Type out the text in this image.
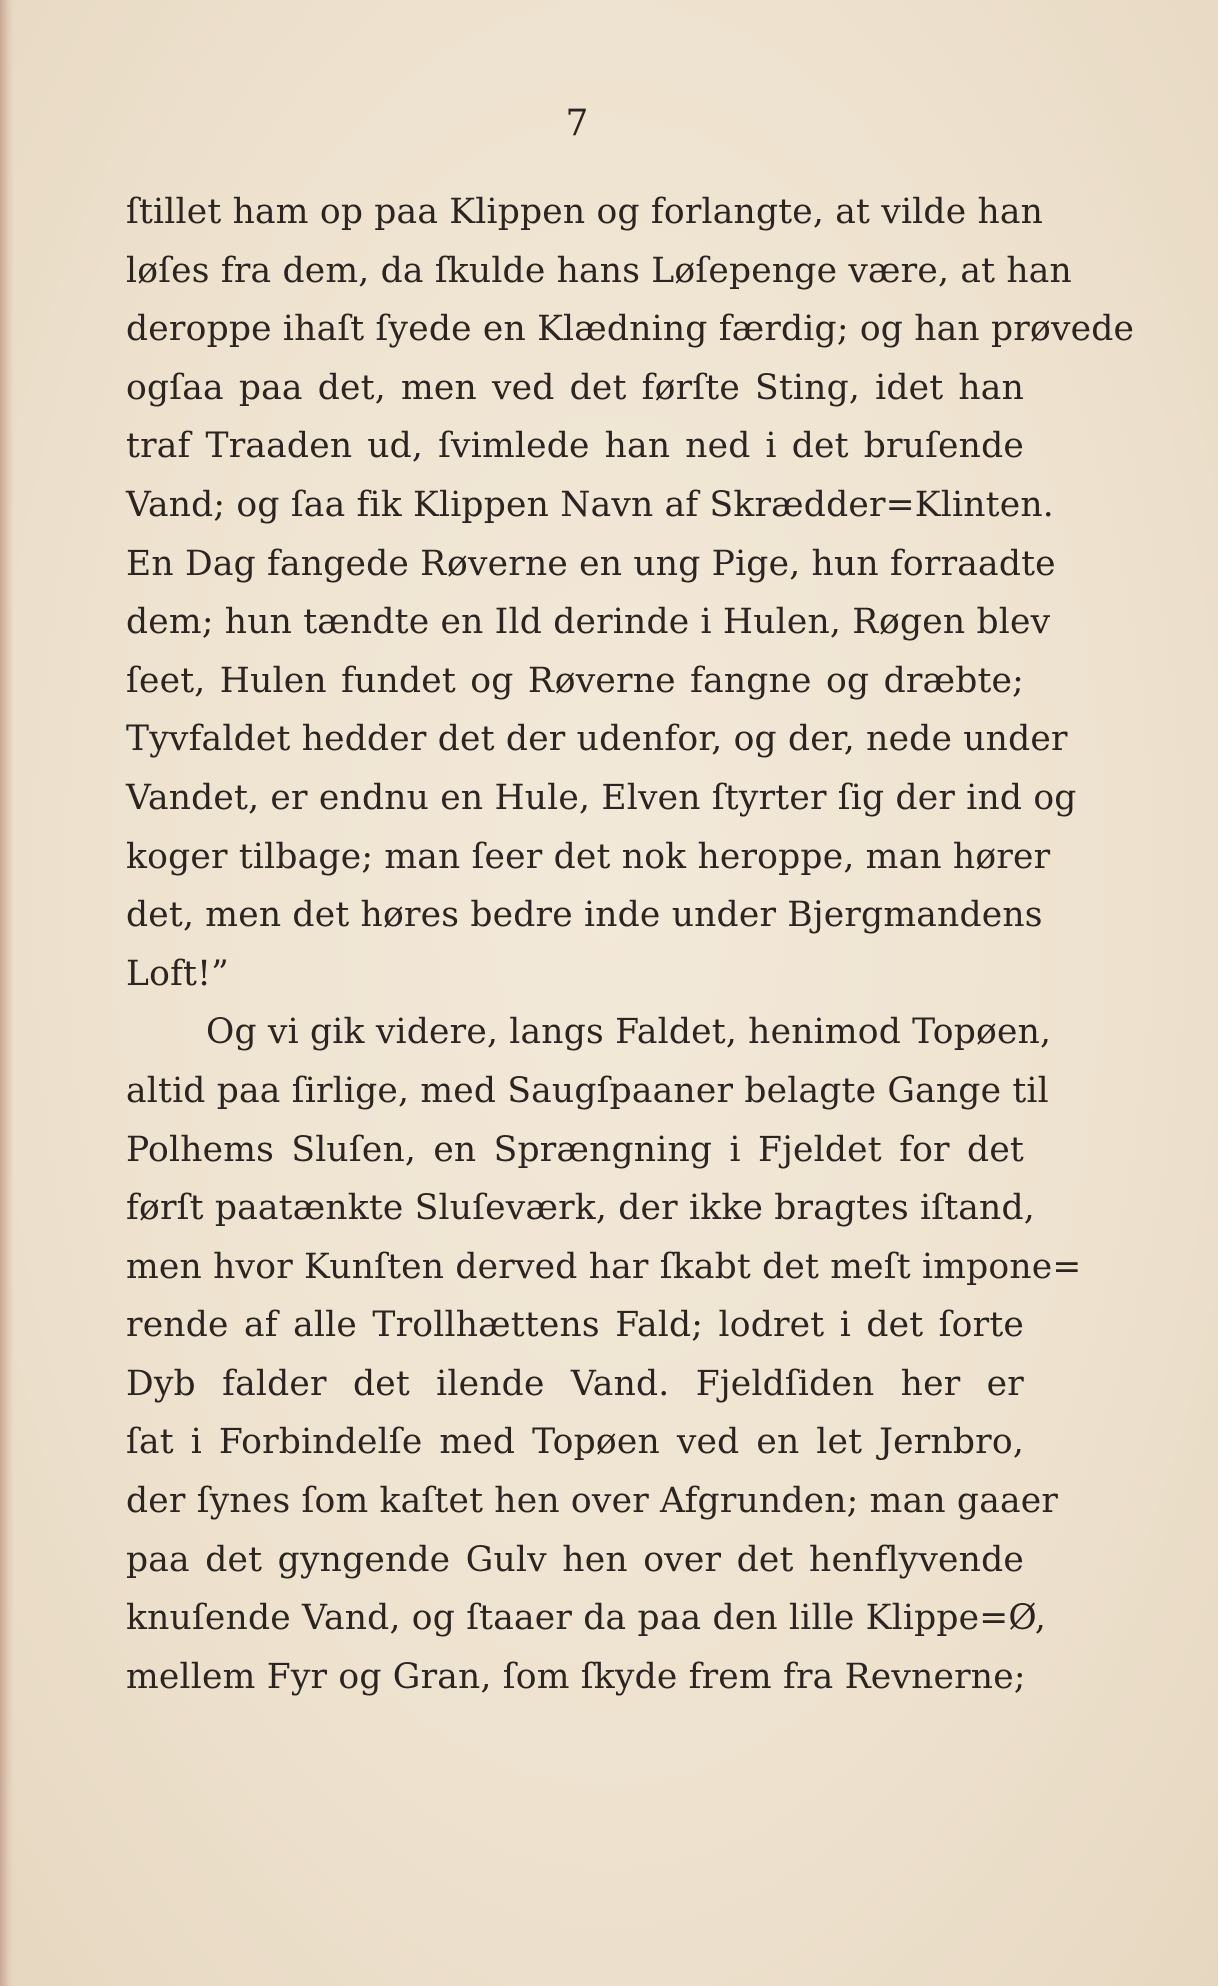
7
ſtillet ham op paa Klippen og forlangte, at vilde han
løſes fra dem, da ſkulde hans Løſepenge være, at han
deroppe ihaſt ſyede en Klædning færdig; og han prøvede
ogſaa paa det, men ved det førſte Sting, idet han
traf Traaden ud, ſvimlede han ned i det bruſende
Vand; og ſaa fik Klippen Navn af Skrædder=Klinten.
En Dag fangede Røverne en ung Pige, hun forraadte
dem; hun tændte en Ild derinde i Hulen, Røgen blev
ſeet, Hulen fundet og Røverne fangne og dræbte;
Tyvfaldet hedder det der udenfor, og der, nede under
Vandet, er endnu en Hule, Elven ſtyrter ſig der ind og
koger tilbage; man ſeer det nok heroppe, man hører
det, men det høres bedre inde under Bjergmandens
Loft!”
Og vi gik videre, langs Faldet, henimod Topøen,
altid paa ſirlige, med Saugſpaaner belagte Gange til
Polhems Sluſen, en Sprængning i Fjeldet for det
førſt paatænkte Sluſeværk, der ikke bragtes iſtand,
men hvor Kunſten derved har ſkabt det meſt impone=
rende af alle Trollhættens Fald; lodret i det ſorte
Dyb falder det ilende Vand. Fjeldſiden her er
ſat i Forbindelſe med Topøen ved en let Jernbro,
der ſynes ſom kaſtet hen over Afgrunden; man gaaer
paa det gyngende Gulv hen over det henflyvende
knuſende Vand, og ſtaaer da paa den lille Klippe=Ø,
mellem Fyr og Gran, ſom ſkyde frem fra Revnerne;
